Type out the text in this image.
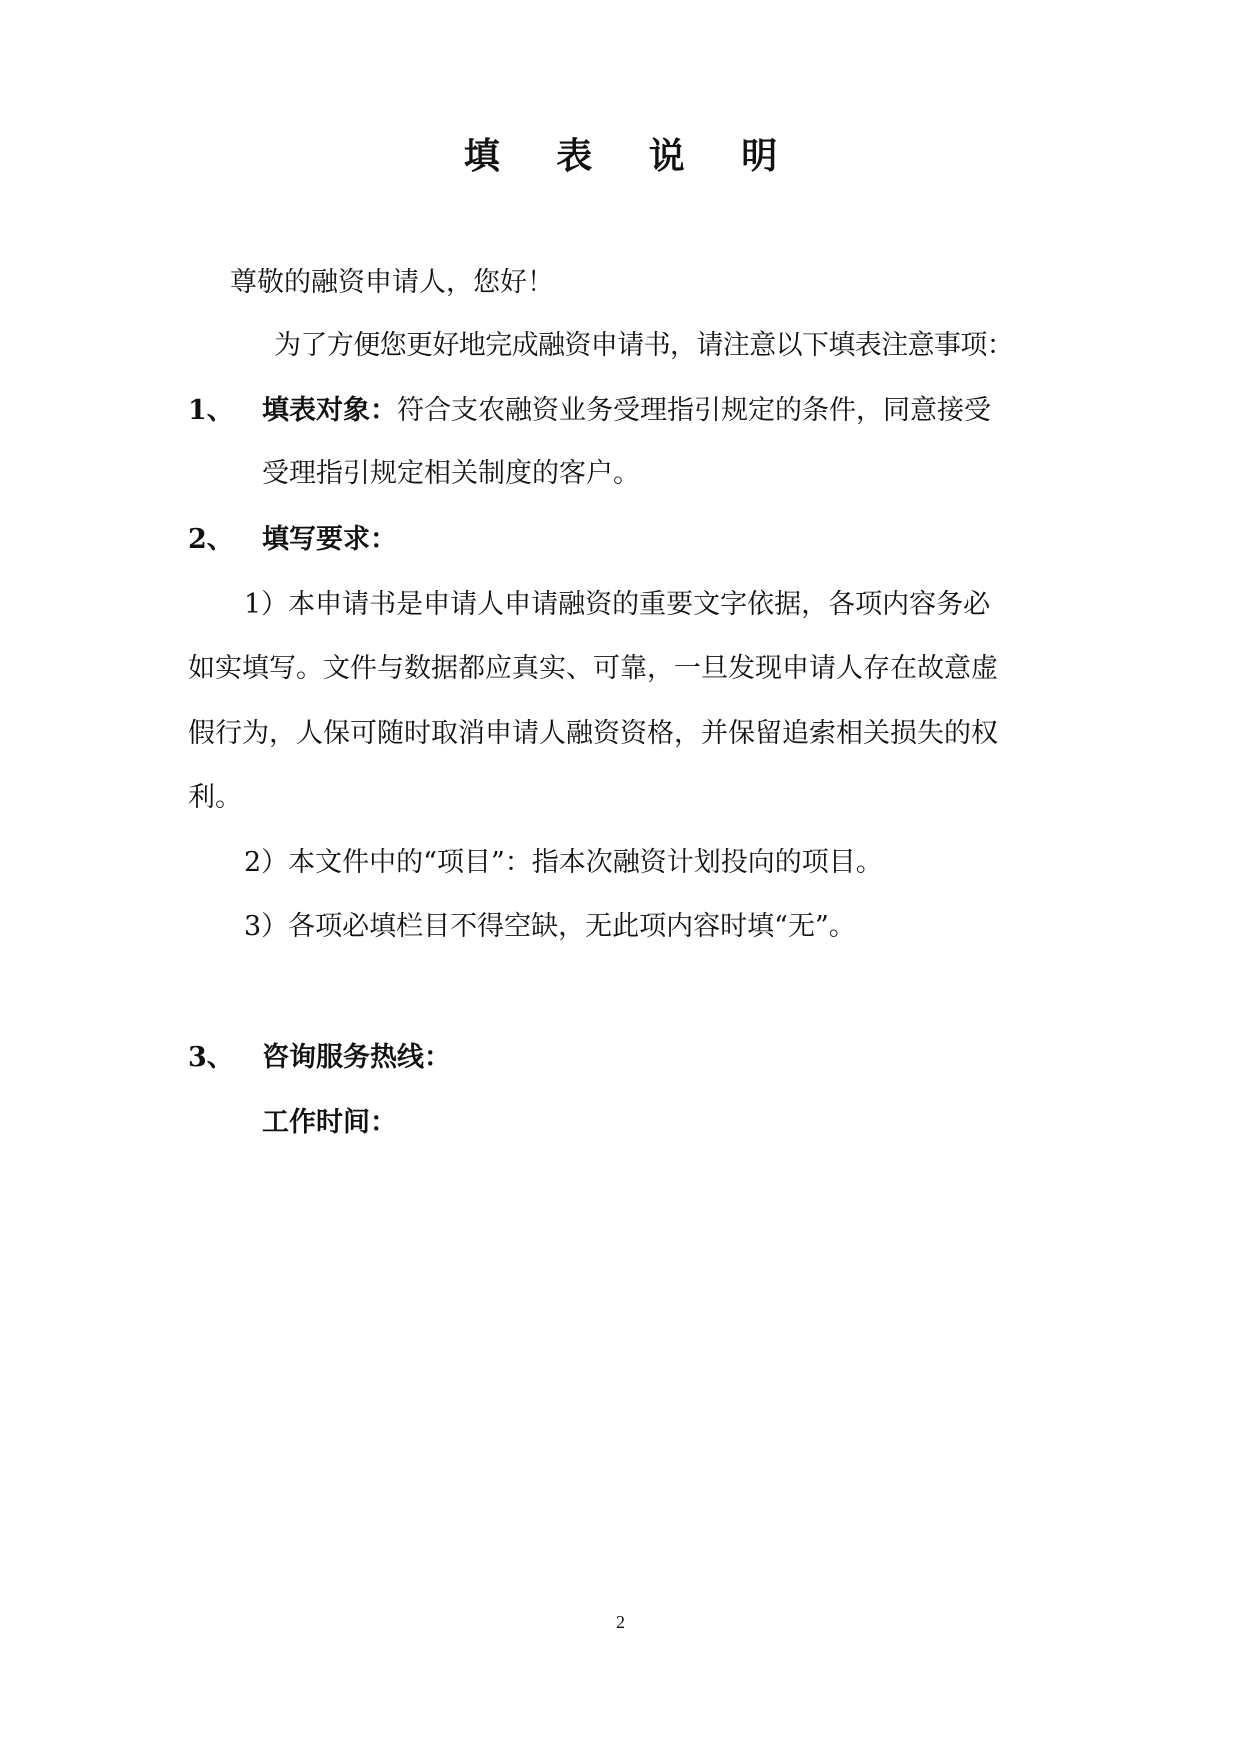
填 表 说 明
尊敬的融资申请人，您好！
为了方便您更好地完成融资申请书，请注意以下填表注意事项：
1、 填表对象：符合支农融资业务受理指引规定的条件，同意接受
受理指引规定相关制度的客户。
2、 填写要求：
1）本申请书是申请人申请融资的重要文字依据，各项内容务必
如实填写。文件与数据都应真实、可靠，一旦发现申请人存在故意虚
假行为，人保可随时取消申请人融资资格，并保留追索相关损失的权
利。
2）本文件中的“项目”：指本次融资计划投向的项目。
3）各项必填栏目不得空缺，无此项内容时填“无”。
3、 咨询服务热线：
工作时间：
2
